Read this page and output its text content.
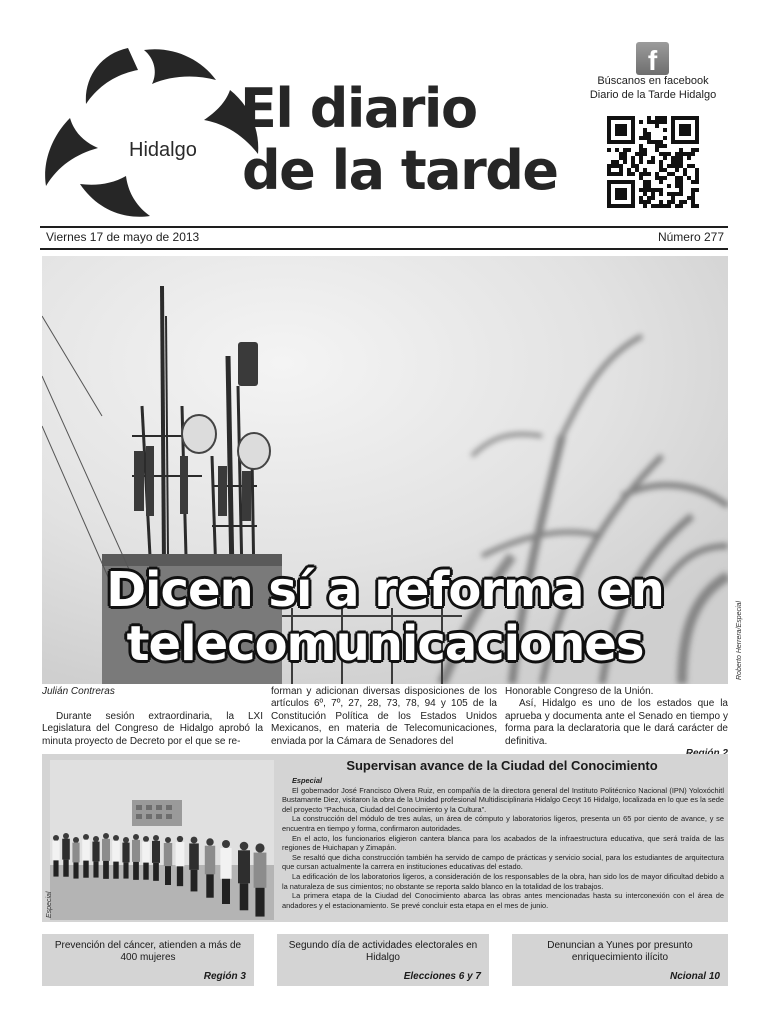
Hidalgo
El diario
de la tarde
f
Búscanos en facebook
Diario de la Tarde Hidalgo
Viernes 17 de mayo de 2013	Número 277
Dicen sí a reforma en
telecomunicaciones	Roberto Herrera/Especial
Julián Contreras

Durante sesión extraordinaria, la LXI Legislatura del Congreso de Hidalgo aprobó la minuta proyecto de Decreto por el que se re-

forman y adicionan diversas disposiciones de los artículos 6º, 7º, 27, 28, 73, 78, 94 y 105 de la Constitución Política de los Estados Unidos Mexicanos, en materia de Telecomunicaciones, enviada por la Cámara de Senadores del

Honorable Congreso de la Unión.

Así, Hidalgo es uno de los estados que la aprueba y documenta ante el Senado en tiempo y forma para la declaratoria que le dará carácter de definitiva.

Especial
Supervisan avance de la Ciudad del Conocimiento
Especial

El gobernador José Francisco Olvera Ruiz, en compañía de la directora general del Instituto Politécnico Nacional (IPN) Yoloxóchitl Bustamante Diez, visitaron la obra de la Unidad profesional Multidisciplinaria Hidalgo Cecyt 16 Hidalgo, localizada en lo que es la sede del proyecto “Pachuca, Ciudad del Conocimiento y la Cultura”.

La construcción del módulo de tres aulas, un área de cómputo y laboratorios ligeros, presenta un 65 por ciento de avance, y se encuentra en tiempo y forma, confirmaron autoridades.

En el acto, los funcionarios eligieron cantera blanca para los acabados de la infraestructura educativa, que será traída de las regiones de Huichapan y Zimapán.

Se resaltó que dicha construcción también ha servido de campo de prácticas y servicio social, para los estudiantes de arquitectura que cursan actualmente la carrera en instituciones educativas del estado.

La edificación de los laboratorios ligeros, a consideración de los responsables de la obra, han sido los de mayor dificultad debido a la naturaleza de sus cimientos; no obstante se reporta saldo blanco en la totalidad de los trabajos.

La primera etapa de la Ciudad del Conocimiento abarca las obras antes mencionadas hasta su interconexión con el área de andadores y el estacionamiento. Se prevé concluir esta etapa en el mes de junio.

Prevención del cáncer, atienden a más de 400 mujeres
Región 3
Segundo día de actividades electorales en Hidalgo
Elecciones 6 y 7
Denuncian a Yunes por presunto enriquecimiento ilícito
Ncional 10
